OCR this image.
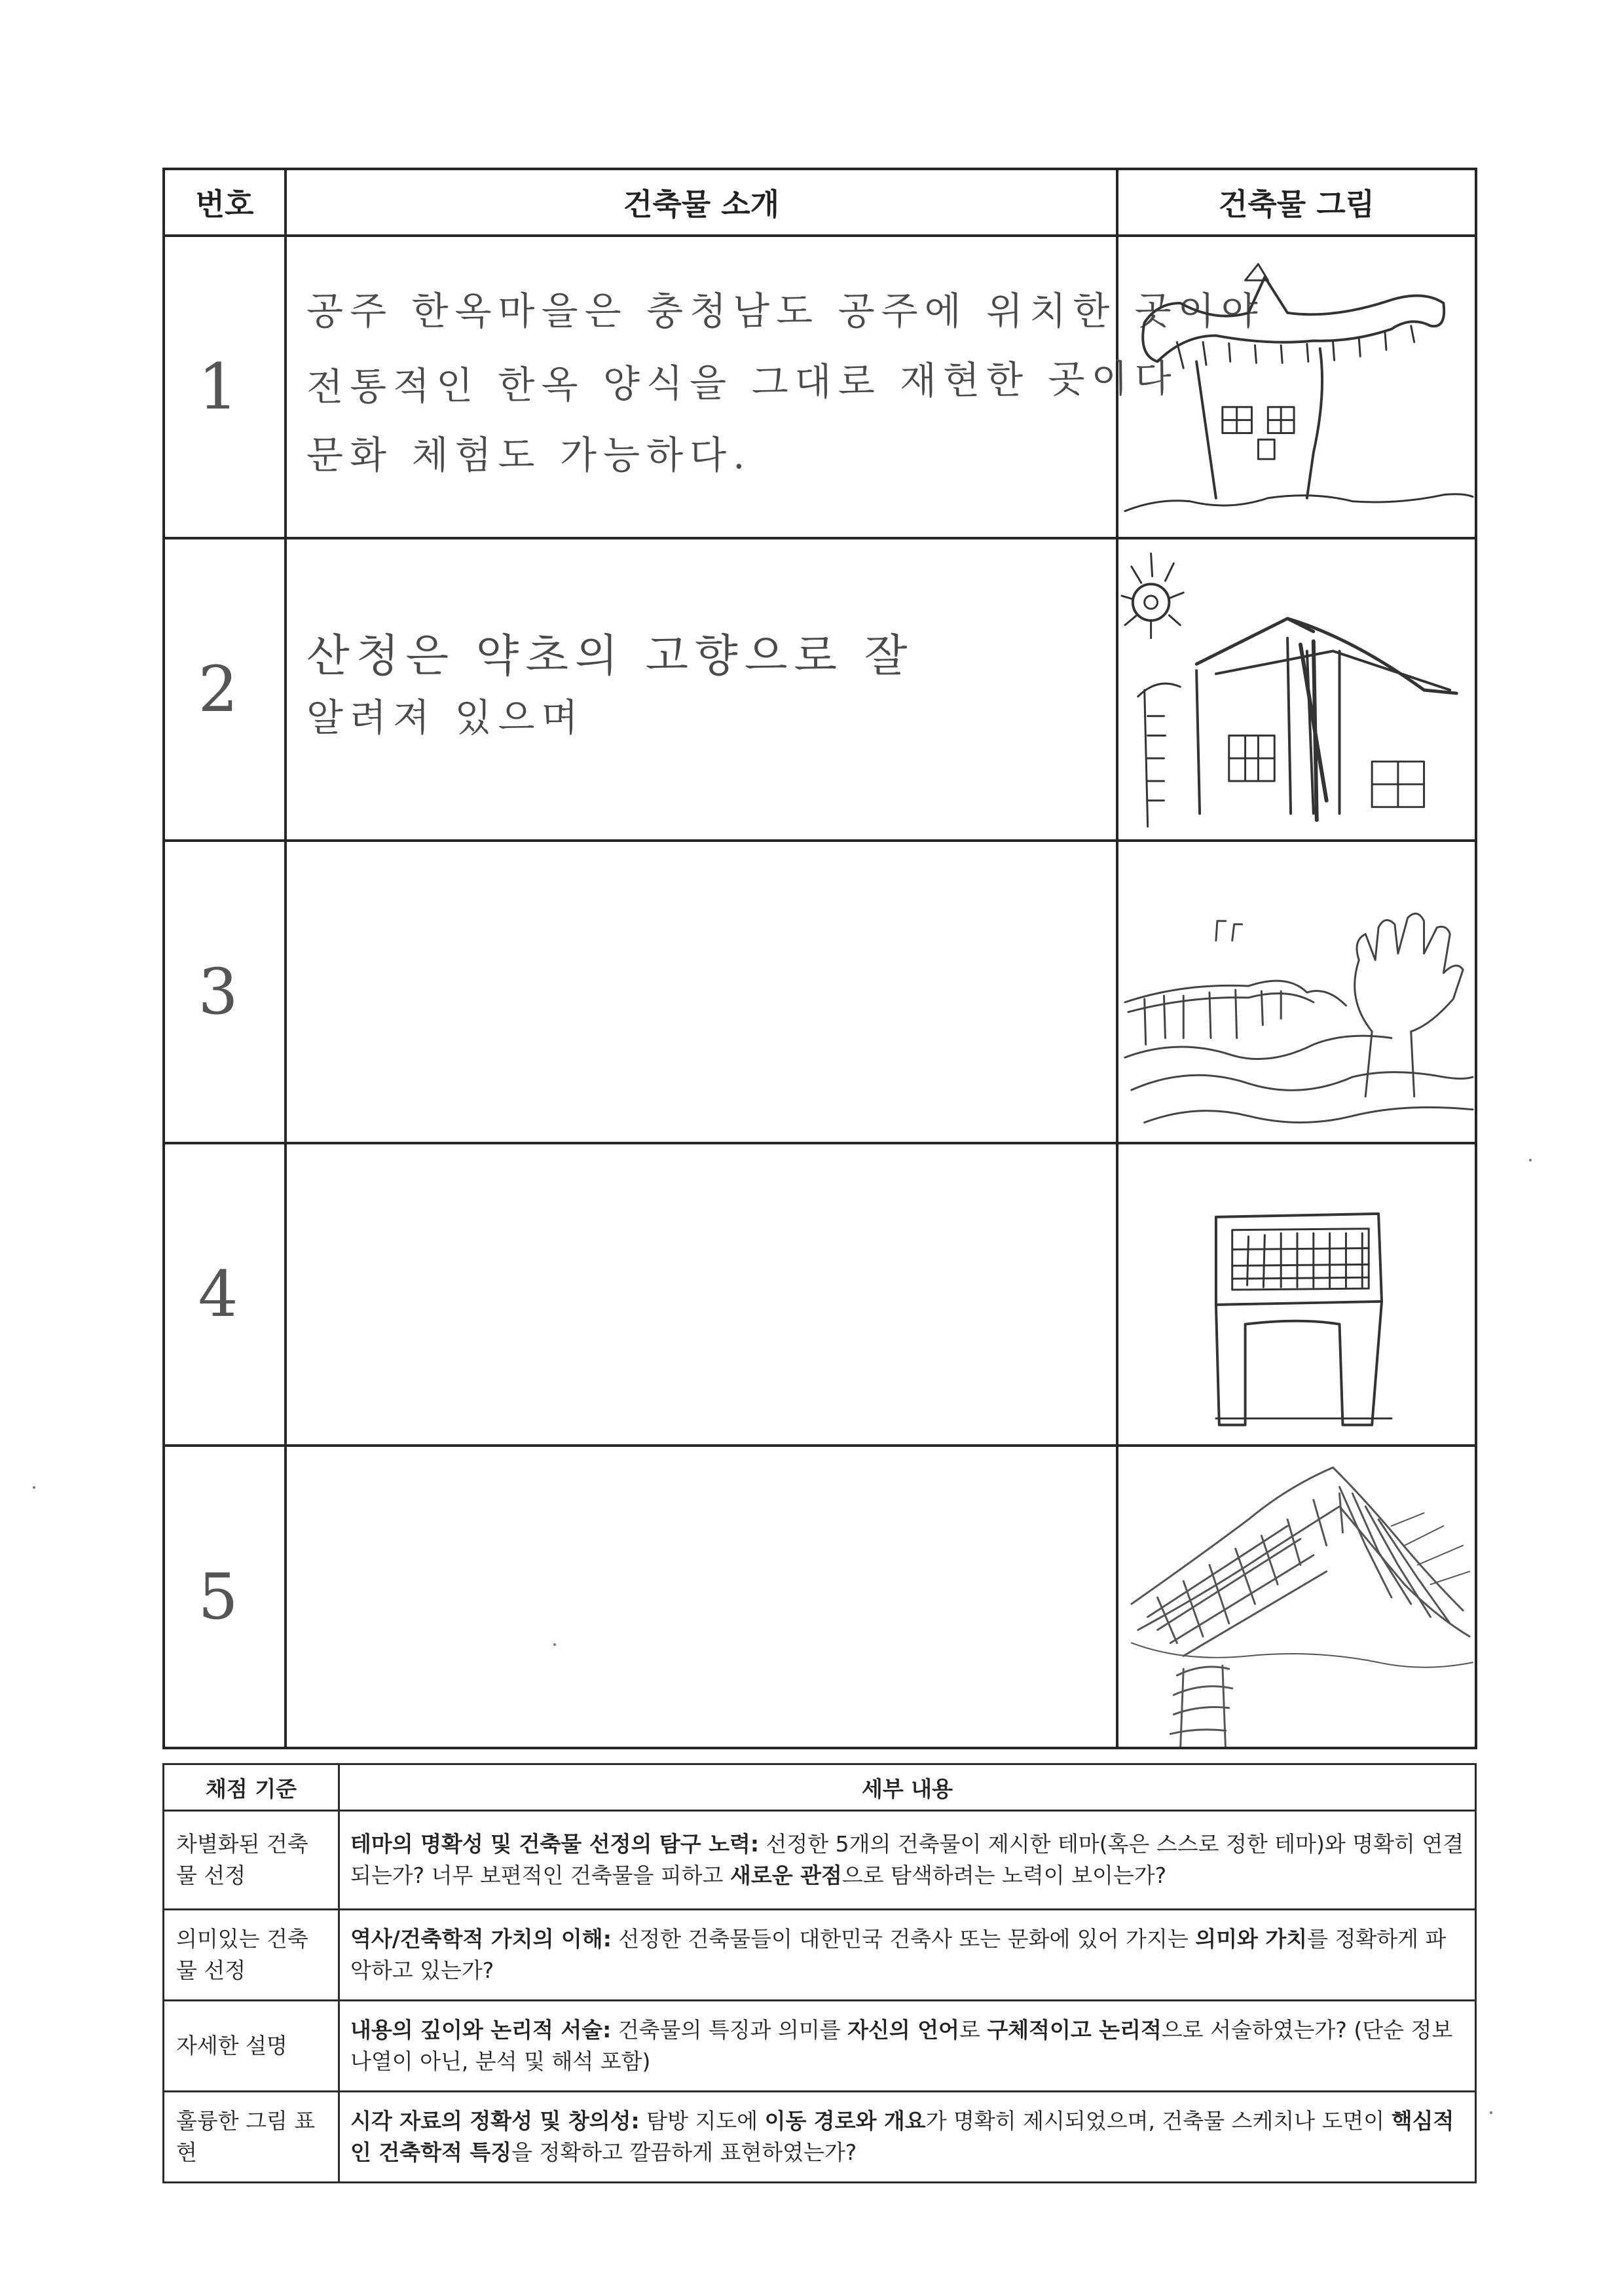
번호	건축물 소개	건축물 그림
1	공주 한옥마을은 충청남도 공주에 위치한 곳이야
전통적인 한옥 양식을 그대로 재현한 곳이다
문화 체험도 가능하다.

2	산청은 약초의 고향으로 잘
알려져 있으며

3		

4		

5		
채점 기준	세부 내용
차별화된 건축물 선정	테마의 명확성 및 건축물 선정의 탐구 노력: 선정한 5개의 건축물이 제시한 테마(혹은 스스로 정한 테마)와 명확히 연결되는가? 너무 보편적인 건축물을 피하고 새로운 관점으로 탐색하려는 노력이 보이는가?
의미있는 건축물 선정	역사/건축학적 가치의 이해: 선정한 건축물들이 대한민국 건축사 또는 문화에 있어 가지는 의미와 가치를 정확하게 파악하고 있는가?
자세한 설명	내용의 깊이와 논리적 서술: 건축물의 특징과 의미를 자신의 언어로 구체적이고 논리적으로 서술하였는가? (단순 정보 나열이 아닌, 분석 및 해석 포함)
훌륭한 그림 표현	시각 자료의 정확성 및 창의성: 탐방 지도에 이동 경로와 개요가 명확히 제시되었으며, 건축물 스케치나 도면이 핵심적인 건축학적 특징을 정확하고 깔끔하게 표현하였는가?
